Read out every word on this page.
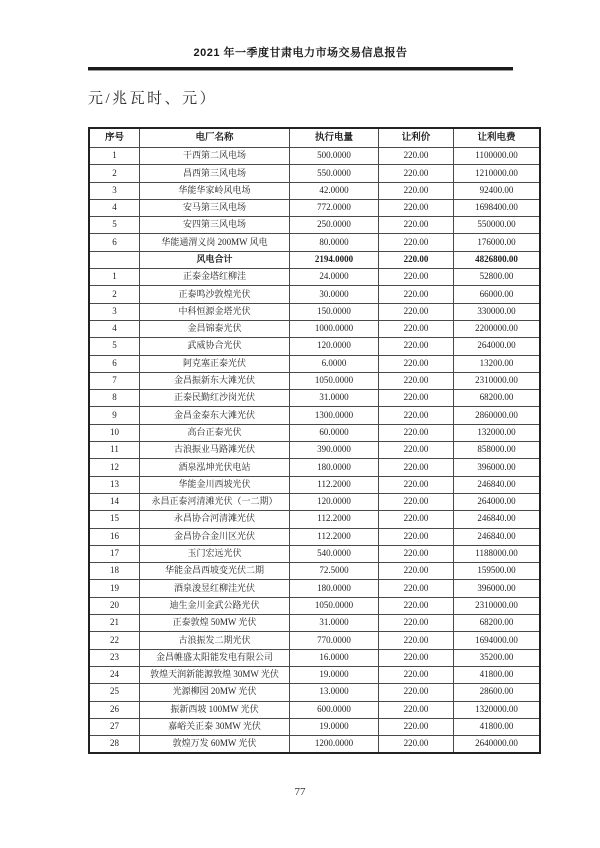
2021 年一季度甘肃电力市场交易信息报告
元/兆瓦时、元）
序号	电厂名称	执行电量	让利价	让利电费
1	干西第二风电场	500.0000	220.00	1100000.00
2	昌西第三风电场	550.0000	220.00	1210000.00
3	华能华家岭风电场	42.0000	220.00	92400.00
4	安马第三风电场	772.0000	220.00	1698400.00
5	安四第三风电场	250.0000	220.00	550000.00
6	华能通渭义岗 200MW 风电	80.0000	220.00	176000.00
	风电合计	2194.0000	220.00	4826800.00
1	正泰金塔红柳洼	24.0000	220.00	52800.00
2	正泰鸣沙敦煌光伏	30.0000	220.00	66000.00
3	中科恒源金塔光伏	150.0000	220.00	330000.00
4	金昌锦泰光伏	1000.0000	220.00	2200000.00
5	武威协合光伏	120.0000	220.00	264000.00
6	阿克塞正泰光伏	6.0000	220.00	13200.00
7	金昌振新东大滩光伏	1050.0000	220.00	2310000.00
8	正泰民勤红沙岗光伏	31.0000	220.00	68200.00
9	金昌金泰东大滩光伏	1300.0000	220.00	2860000.00
10	高台正泰光伏	60.0000	220.00	132000.00
11	古浪振业马路滩光伏	390.0000	220.00	858000.00
12	酒泉泓坤光伏电站	180.0000	220.00	396000.00
13	华能金川西坡光伏	112.2000	220.00	246840.00
14	永昌正泰河清滩光伏（一二期）	120.0000	220.00	264000.00
15	永昌协合河清滩光伏	112.2000	220.00	246840.00
16	金昌协合金川区光伏	112.2000	220.00	246840.00
17	玉门宏远光伏	540.0000	220.00	1188000.00
18	华能金昌西坡变光伏二期	72.5000	220.00	159500.00
19	酒泉浚昱红柳洼光伏	180.0000	220.00	396000.00
20	迪生金川金武公路光伏	1050.0000	220.00	2310000.00
21	正泰敦煌 50MW 光伏	31.0000	220.00	68200.00
22	古浪振发二期光伏	770.0000	220.00	1694000.00
23	金昌帷盛太阳能发电有限公司	16.0000	220.00	35200.00
24	敦煌天润新能源敦煌 30MW 光伏	19.0000	220.00	41800.00
25	光源柳园 20MW 光伏	13.0000	220.00	28600.00
26	振新西坡 100MW 光伏	600.0000	220.00	1320000.00
27	嘉峪关正泰 30MW 光伏	19.0000	220.00	41800.00
28	敦煌万发 60MW 光伏	1200.0000	220.00	2640000.00
77
